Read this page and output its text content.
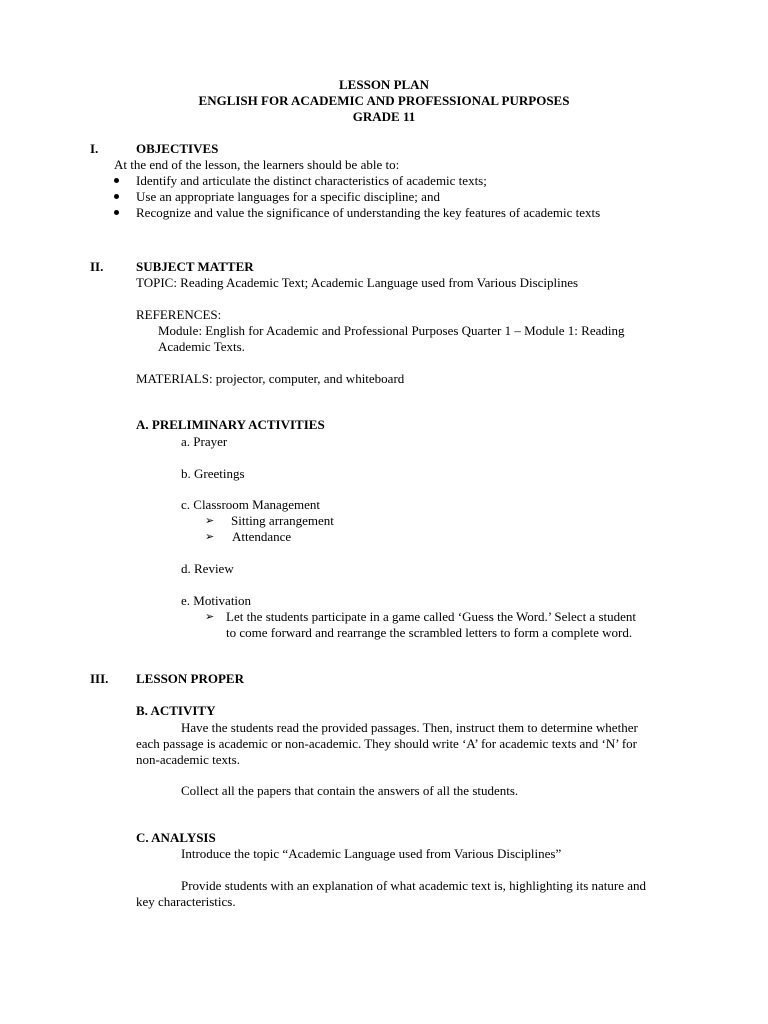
LESSON PLAN
ENGLISH FOR ACADEMIC AND PROFESSIONAL PURPOSES
GRADE 11
I.	OBJECTIVES
At the end of the lesson, the learners should be able to:
Identify and articulate the distinct characteristics of academic texts;
Use an appropriate languages for a specific discipline; and
Recognize and value the significance of understanding the key features of academic texts
II.	SUBJECT MATTER
TOPIC: Reading Academic Text; Academic Language used from Various Disciplines
REFERENCES:
Module: English for Academic and Professional Purposes Quarter 1 – Module 1: Reading
Academic Texts.
MATERIALS: projector, computer, and whiteboard
A. PRELIMINARY ACTIVITIES
a. Prayer
b. Greetings
c. Classroom Management
➢ Sitting arrangement
➢ Attendance
d. Review
e. Motivation
➢ Let the students participate in a game called ‘Guess the Word.’ Select a student
to come forward and rearrange the scrambled letters to form a complete word.
III. LESSON PROPER
B. ACTIVITY
Have the students read the provided passages. Then, instruct them to determine whether
each passage is academic or non-academic. They should write ‘A’ for academic texts and ‘N’ for
non-academic texts.
Collect all the papers that contain the answers of all the students.
C. ANALYSIS
Introduce the topic “Academic Language used from Various Disciplines”
Provide students with an explanation of what academic text is, highlighting its nature and
key characteristics.
